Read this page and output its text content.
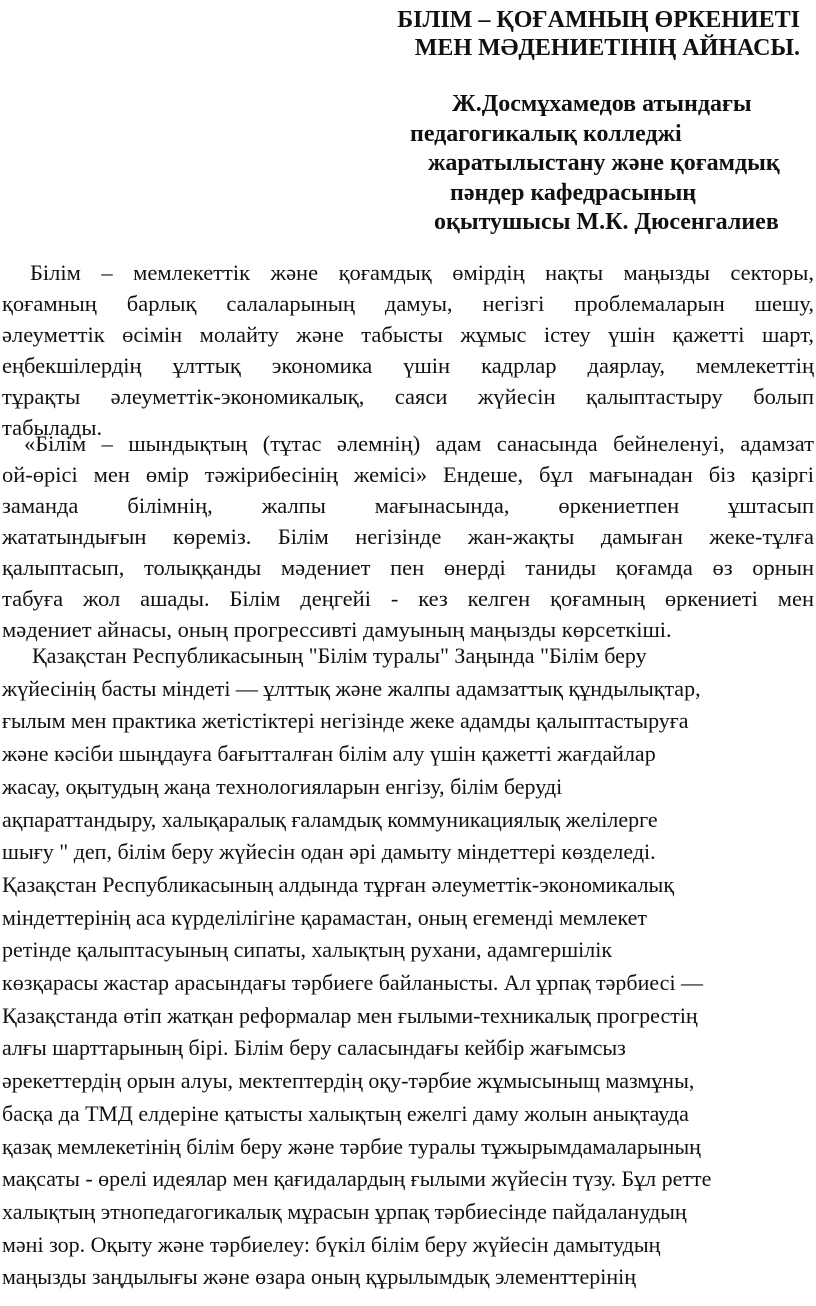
БІЛІМ – ҚОҒАМНЫҢ ӨРКЕНИЕТІ
МЕН МӘДЕНИЕТІНІҢ АЙНАСЫ.
Ж.Досмұхамедов атындағы
педагогикалық колледжі
жаратылыстану және қоғамдық
пәндер кафедрасының
оқытушысы М.К. Дюсенгалиев
Білім – мемлекеттік және қоғамдық өмірдің нақты маңызды секторы,
қоғамның барлық салаларының дамуы, негізгі проблемаларын шешу,
әлеуметтік өсімін молайту және табысты жұмыс істеу үшін қажетті шарт,
еңбекшілердің ұлттық экономика үшін кадрлар даярлау, мемлекеттің
тұрақты әлеуметтік-экономикалық, саяси жүйесін қалыптастыру болып
табылады.
«Білім – шындықтың (тұтас әлемнің) адам санасында бейнеленуі, адамзат
ой-өрісі мен өмір тәжірибесінің жемісі» Ендеше, бұл мағынадан біз қазіргі
заманда білімнің, жалпы мағынасында, өркениетпен ұштасып
жататындығын көреміз. Білім негізінде жан-жақты дамыған жеке-тұлға
қалыптасып, толыққанды мәдениет пен өнерді таниды қоғамда өз орнын
табуға жол ашады. Білім деңгейі - кез келген қоғамның өркениеті мен
мәдениет айнасы, оның прогрессивті дамуының маңызды көрсеткіші.
Қазақстан Республикасының "Білім туралы" Заңында "Білім беру
жүйесінің басты міндеті — ұлттық және жалпы адамзаттық құндылықтар,
ғылым мен практика жетістіктері негізінде жеке адамды қалыптастыруға
және кәсіби шыңдауға бағытталған білім алу үшін қажетті жағдайлар
жасау, оқытудың жаңа технологияларын енгізу, білім беруді
ақпараттандыру, халықаралық ғаламдық коммуникациялық желілерге
шығу " деп, білім беру жүйесін одан әрі дамыту міндеттері көзделеді.
Қазақстан Республикасының алдында тұрған әлеуметтік-экономикалық
міндеттерінің аса күрделілігіне қарамастан, оның егеменді мемлекет
ретінде қалыптасуының сипаты, халықтың рухани, адамгершілік
көзқарасы жастар арасындағы тәрбиеге байланысты. Ал ұрпақ тәрбиесі —
Қазақстанда өтіп жатқан реформалар мен ғылыми-техникалық прогрестің
алғы шарттарының бірі. Білім беру саласындағы кейбір жағымсыз
әрекеттердің орын алуы, мектептердің оқу-тәрбие жұмысыныщ мазмұны,
басқа да ТМД елдеріне қатысты халықтың ежелгі даму жолын анықтауда
қазақ мемлекетінің білім беру және тәрбие туралы тұжырымдамаларының
мақсаты - өрелі идеялар мен қағидалардың ғылыми жүйесін түзу. Бұл ретте
халықтың этнопедагогикалық мұрасын ұрпақ тәрбиесінде пайдаланудың
мәні зор. Оқыту және тәрбиелеу: бүкіл білім беру жүйесін дамытудың
маңызды заңдылығы және өзара оның құрылымдық элементтерінің
